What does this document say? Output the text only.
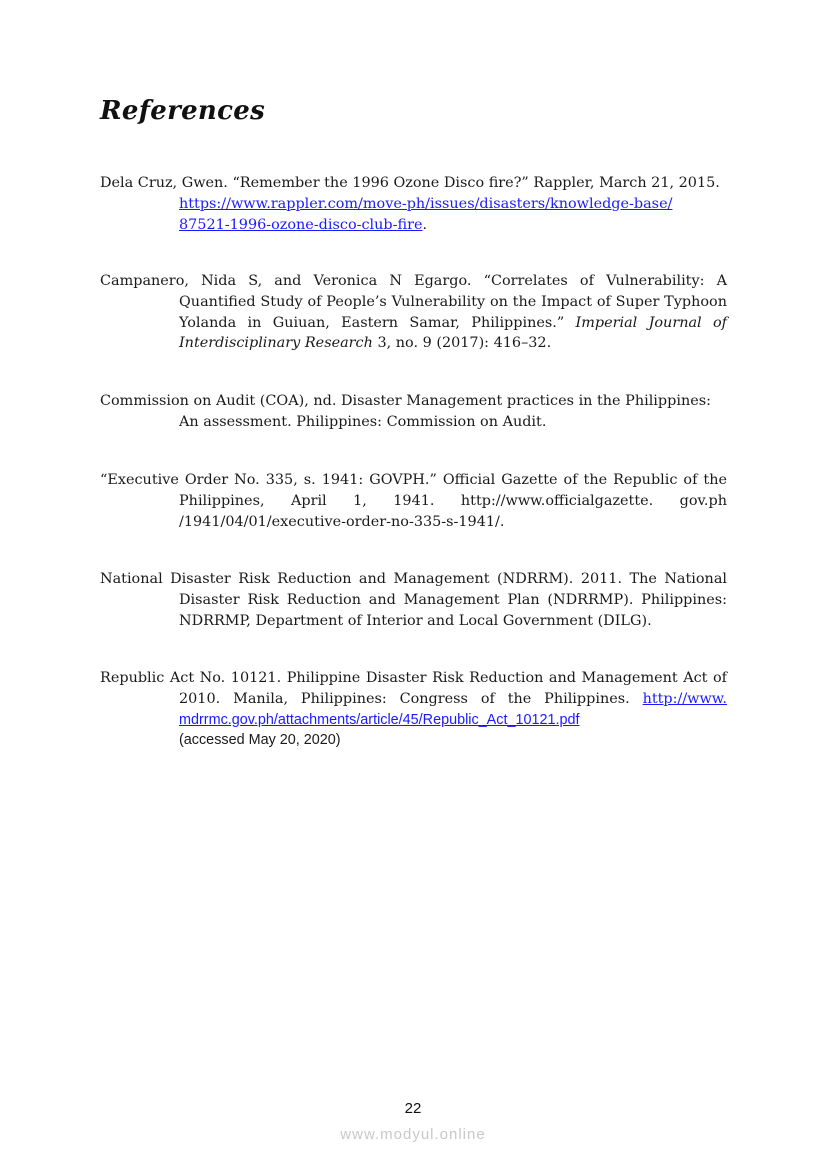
References
Dela Cruz, Gwen. “Remember the 1996 Ozone Disco fire?” Rappler, March 21, 2015.
https://www.rappler.com/move-ph/issues/disasters/knowledge-base/
87521-1996-ozone-disco-club-fire.
Campanero, Nida S, and Veronica N Egargo. “Correlates of Vulnerability: A
Quantified Study of People’s Vulnerability on the Impact of Super Typhoon
Yolanda in Guiuan, Eastern Samar, Philippines.” Imperial Journal of
Interdisciplinary Research 3, no. 9 (2017): 416–32.
Commission on Audit (COA), nd. Disaster Management practices in the Philippines:
An assessment. Philippines: Commission on Audit.
“Executive Order No. 335, s. 1941: GOVPH.” Official Gazette of the Republic of the
Philippines, April 1, 1941. http://www.officialgazette. gov.ph
/1941/04/01/executive-order-no-335-s-1941/.
National Disaster Risk Reduction and Management (NDRRM). 2011. The National
Disaster Risk Reduction and Management Plan (NDRRMP). Philippines:
NDRRMP, Department of Interior and Local Government (DILG).
Republic Act No. 10121. Philippine Disaster Risk Reduction and Management Act of
2010. Manila, Philippines: Congress of the Philippines. http://www.
mdrrmc.gov.ph/attachments/article/45/Republic_Act_10121.pdf
(accessed May 20, 2020)
22
www.modyul.online
